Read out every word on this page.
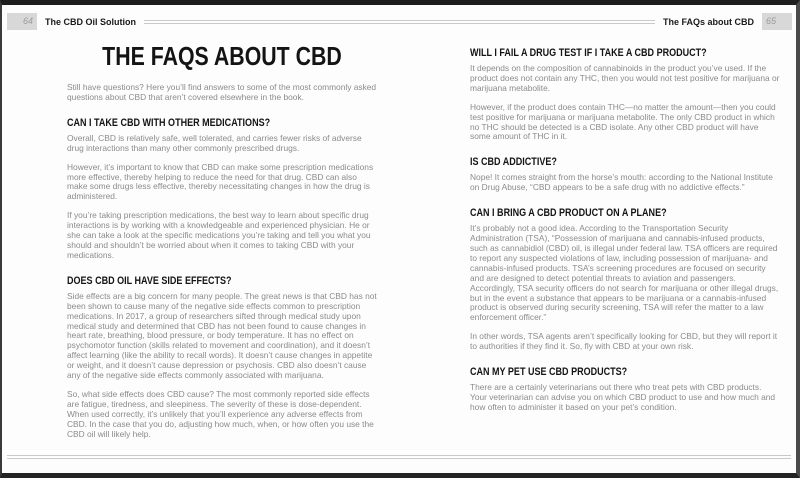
64	The CBD Oil Solution	The FAQs about CBD	65
THE FAQS ABOUT CBD

Still have questions? Here you’ll find answers to some of the most commonly asked questions about CBD that aren’t covered elsewhere in the book.

CAN I TAKE CBD WITH OTHER MEDICATIONS?

Overall, CBD is relatively safe, well tolerated, and carries fewer risks of adverse drug interactions than many other commonly prescribed drugs.

However, it’s important to know that CBD can make some prescription medications more effective, thereby helping to reduce the need for that drug. CBD can also make some drugs less effective, thereby necessitating changes in how the drug is administered.

If you’re taking prescription medications, the best way to learn about specific drug interactions is by working with a knowledgeable and experienced physician. He or she can take a look at the specific medications you’re taking and tell you what you should and shouldn’t be worried about when it comes to taking CBD with your medications.

DOES CBD OIL HAVE SIDE EFFECTS?

Side effects are a big concern for many people. The great news is that CBD has not been shown to cause many of the negative side effects common to prescription medications. In 2017, a group of researchers sifted through medical study upon medical study and determined that CBD has not been found to cause changes in heart rate, breathing, blood pressure, or body temperature. It has no effect on psychomotor function (skills related to movement and coordination), and it doesn’t affect learning (like the ability to recall words). It doesn’t cause changes in appetite or weight, and it doesn’t cause depression or psychosis. CBD also doesn’t cause any of the negative side effects commonly associated with marijuana.

So, what side effects does CBD cause? The most commonly reported side effects are fatigue, tiredness, and sleepiness. The severity of these is dose-dependent. When used correctly, it’s unlikely that you’ll experience any adverse effects from CBD. In the case that you do, adjusting how much, when, or how often you use the CBD oil will likely help.

WILL I FAIL A DRUG TEST IF I TAKE A CBD PRODUCT?

It depends on the composition of cannabinoids in the product you’ve used. If the product does not contain any THC, then you would not test positive for marijuana or marijuana metabolite.

However, if the product does contain THC—no matter the amount—then you could test positive for marijuana or marijuana metabolite. The only CBD product in which no THC should be detected is a CBD isolate. Any other CBD product will have some amount of THC in it.

IS CBD ADDICTIVE?

Nope! It comes straight from the horse’s mouth: according to the National Institute on Drug Abuse, “CBD appears to be a safe drug with no addictive effects.”

CAN I BRING A CBD PRODUCT ON A PLANE?

It’s probably not a good idea. According to the Transportation Security Administration (TSA), “Possession of marijuana and cannabis-infused products, such as cannabidiol (CBD) oil, is illegal under federal law. TSA officers are required to report any suspected violations of law, including possession of marijuana- and cannabis-infused products. TSA’s screening procedures are focused on security and are designed to detect potential threats to aviation and passengers. Accordingly, TSA security officers do not search for marijuana or other illegal drugs, but in the event a substance that appears to be marijuana or a cannabis-infused product is observed during security screening, TSA will refer the matter to a law enforcement officer.”

In other words, TSA agents aren’t specifically looking for CBD, but they will report it to authorities if they find it. So, fly with CBD at your own risk.

CAN MY PET USE CBD PRODUCTS?

There are a certainly veterinarians out there who treat pets with CBD products. Your veterinarian can advise you on which CBD product to use and how much and how often to administer it based on your pet’s condition.
